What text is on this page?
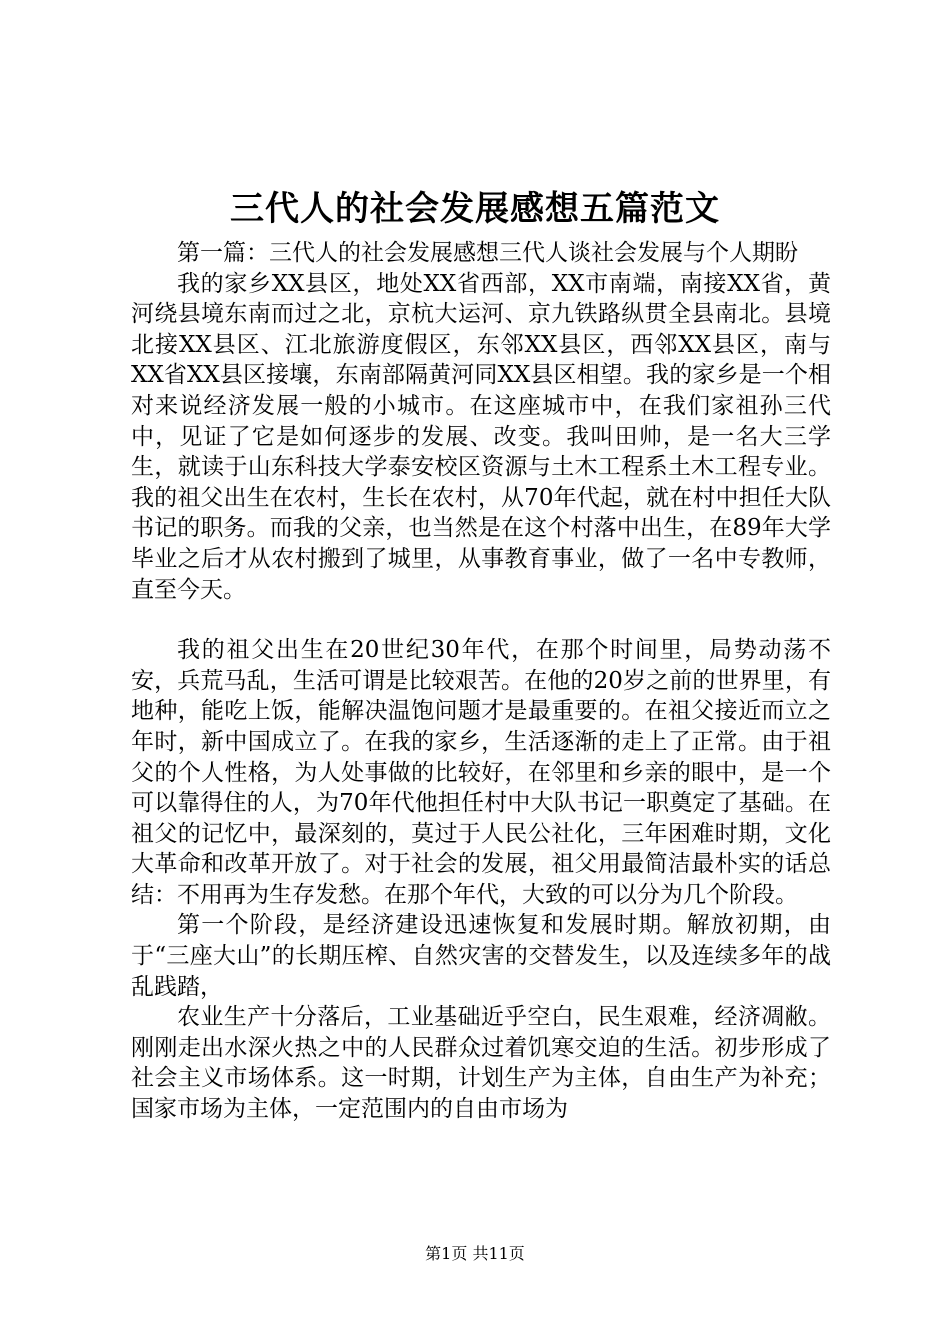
三代人的社会发展感想五篇范文

第一篇：三代人的社会发展感想三代人谈社会发展与个人期盼

我的家乡XX县区，地处XX省西部，XX市南端，南接XX省，黄河绕县境东南而过之北，京杭大运河、京九铁路纵贯全县南北。县境北接XX县区、江北旅游度假区，东邻XX县区，西邻XX县区，南与XX省XX县区接壤，东南部隔黄河同XX县区相望。我的家乡是一个相对来说经济发展一般的小城市。在这座城市中，在我们家祖孙三代中，见证了它是如何逐步的发展、改变。我叫田帅，是一名大三学生，就读于山东科技大学泰安校区资源与土木工程系土木工程专业。我的祖父出生在农村，生长在农村，从70年代起，就在村中担任大队书记的职务。而我的父亲，也当然是在这个村落中出生，在89年大学毕业之后才从农村搬到了城里，从事教育事业，做了一名中专教师，直至今天。

我的祖父出生在20世纪30年代，在那个时间里，局势动荡不安，兵荒马乱，生活可谓是比较艰苦。在他的20岁之前的世界里，有地种，能吃上饭，能解决温饱问题才是最重要的。在祖父接近而立之年时，新中国成立了。在我的家乡，生活逐渐的走上了正常。由于祖父的个人性格，为人处事做的比较好，在邻里和乡亲的眼中，是一个可以靠得住的人，为70年代他担任村中大队书记一职奠定了基础。在祖父的记忆中，最深刻的，莫过于人民公社化，三年困难时期，文化大革命和改革开放了。对于社会的发展，祖父用最简洁最朴实的话总结：不用再为生存发愁。在那个年代，大致的可以分为几个阶段。

第一个阶段，是经济建设迅速恢复和发展时期。解放初期，由于“三座大山”的长期压榨、自然灾害的交替发生，以及连续多年的战乱践踏，

农业生产十分落后，工业基础近乎空白，民生艰难，经济凋敝。刚刚走出水深火热之中的人民群众过着饥寒交迫的生活。初步形成了社会主义市场体系。这一时期，计划生产为主体，自由生产为补充；国家市场为主体，一定范围内的自由市场为

第1页 共11页
